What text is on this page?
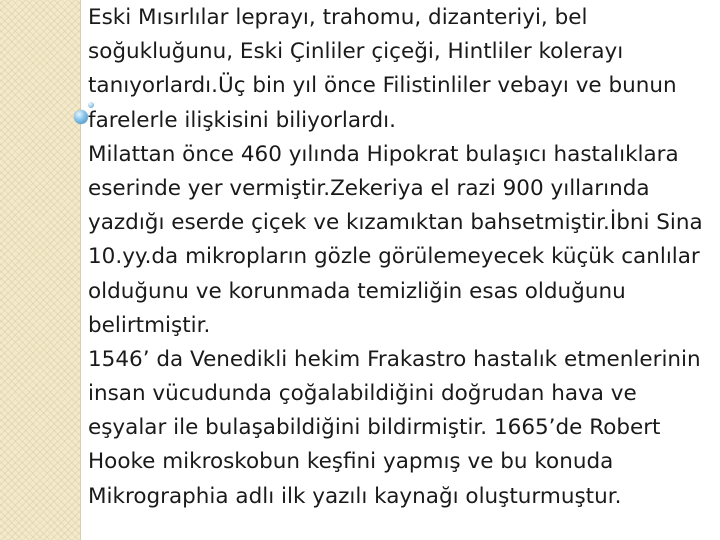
Eski Mısırlılar leprayı, trahomu, dizanteriyi, bel
soğukluğunu, Eski Çinliler çiçeği, Hintliler kolerayı
tanıyorlardı.Üç bin yıl önce Filistinliler vebayı ve bunun
farelerle ilişkisini biliyorlardı.
Milattan önce 460 yılında Hipokrat bulaşıcı hastalıklara
eserinde yer vermiştir.Zekeriya el razi 900 yıllarında
yazdığı eserde çiçek ve kızamıktan bahsetmiştir.İbni Sina
10.yy.da mikropların gözle görülemeyecek küçük canlılar
olduğunu ve korunmada temizliğin esas olduğunu
belirtmiştir.
1546’ da Venedikli hekim Frakastro hastalık etmenlerinin
insan vücudunda çoğalabildiğini doğrudan hava ve
eşyalar ile bulaşabildiğini bildirmiştir. 1665’de Robert
Hooke mikroskobun keşfini yapmış ve bu konuda
Mikrographia adlı ilk yazılı kaynağı oluşturmuştur.
